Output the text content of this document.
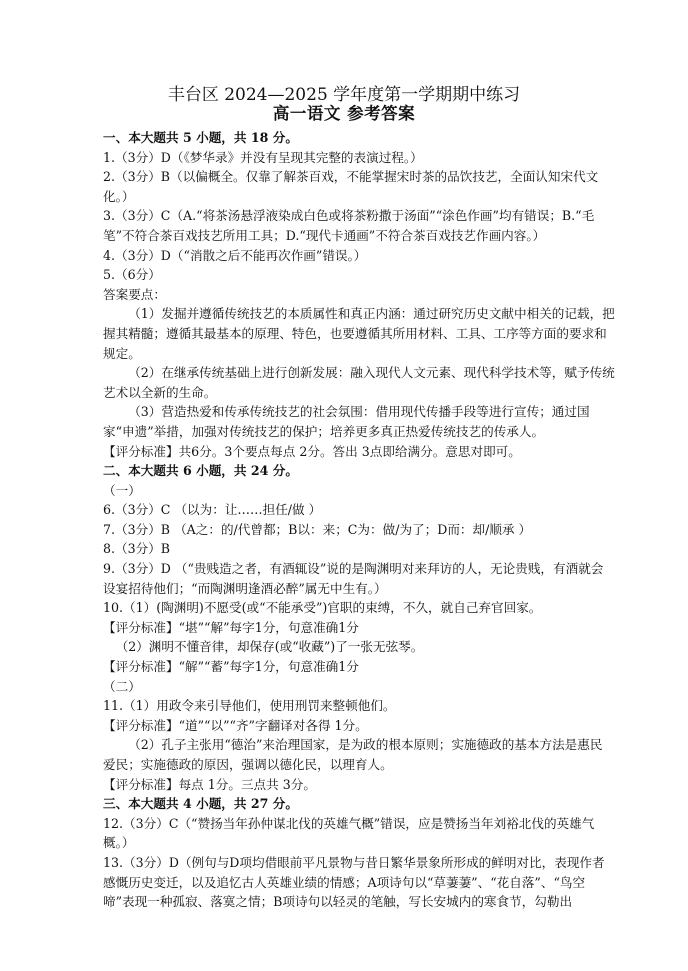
丰台区 2024—2025 学年度第一学期期中练习
高一语文 参考答案

一、本大题共 5 小题，共 18 分。

1.（3分）D（《梦华录》并没有呈现其完整的表演过程。）

2.（3分）B（以偏概全。仅靠了解茶百戏，不能掌握宋时茶的品饮技艺，全面认知宋代文化。）

3.（3分）C（A.“将茶汤悬浮液染成白色或将茶粉撒于汤面”“涂色作画”均有错误；B.“毛笔”不符合茶百戏技艺所用工具；D.“现代卡通画”不符合茶百戏技艺作画内容。）

4.（3分）D（“消散之后不能再次作画”错误。）

5.（6分）

答案要点：

（1）发掘并遵循传统技艺的本质属性和真正内涵：通过研究历史文献中相关的记载，把握其精髓；遵循其最基本的原理、特色，也要遵循其所用材料、工具、工序等方面的要求和规定。

（2）在继承传统基础上进行创新发展：融入现代人文元素、现代科学技术等，赋予传统艺术以全新的生命。

（3）营造热爱和传承传统技艺的社会氛围：借用现代传播手段等进行宣传；通过国家“申遗”举措，加强对传统技艺的保护；培养更多真正热爱传统技艺的传承人。

【评分标准】共6分。3个要点每点 2分。答出 3点即给满分。意思对即可。

二、本大题共 6 小题，共 24 分。

（一）

6.（3分）C （以为：让……担任/做 ）

7.（3分）B （A之：的/代曾都；B以：来；C为：做/为了；D而：却/顺承 ）

8.（3分）B

9.（3分）D （“贵贱造之者，有酒辄设”说的是陶渊明对来拜访的人，无论贵贱，有酒就会设宴招待他们；“而陶渊明逢酒必醉”属无中生有。）

10.（1）(陶渊明)不愿受(或“不能承受”)官职的束缚，不久，就自己弃官回家。

【评分标准】“堪”“解”每字1分，句意准确1分

（2）渊明不懂音律，却保存(或“收藏”)了一张无弦琴。

【评分标准】“解”“蓄”每字1分，句意准确1分

（二）

11.（1）用政令来引导他们，使用刑罚来整顿他们。

【评分标准】“道”“以”“齐”字翻译对各得 1分。

（2）孔子主张用“德治”来治理国家，是为政的根本原则；实施德政的基本方法是惠民爱民；实施德政的原因，强调以德化民，以理育人。

【评分标准】每点 1分。三点共 3分。

三、本大题共 4 小题，共 27 分。

12.（3分）C（“赞扬当年孙仲谋北伐的英雄气概”错误，应是赞扬当年刘裕北伐的英雄气概。）

13.（3分）D（例句与D项均借眼前平凡景物与昔日繁华景象所形成的鲜明对比，表现作者感慨历史变迁，以及追忆古人英雄业绩的情感；A项诗句以“草萋萋”、“花自落”、“鸟空啼”表现一种孤寂、落寞之情；B项诗句以轻灵的笔触，写长安城内的寒食节，勾勒出
